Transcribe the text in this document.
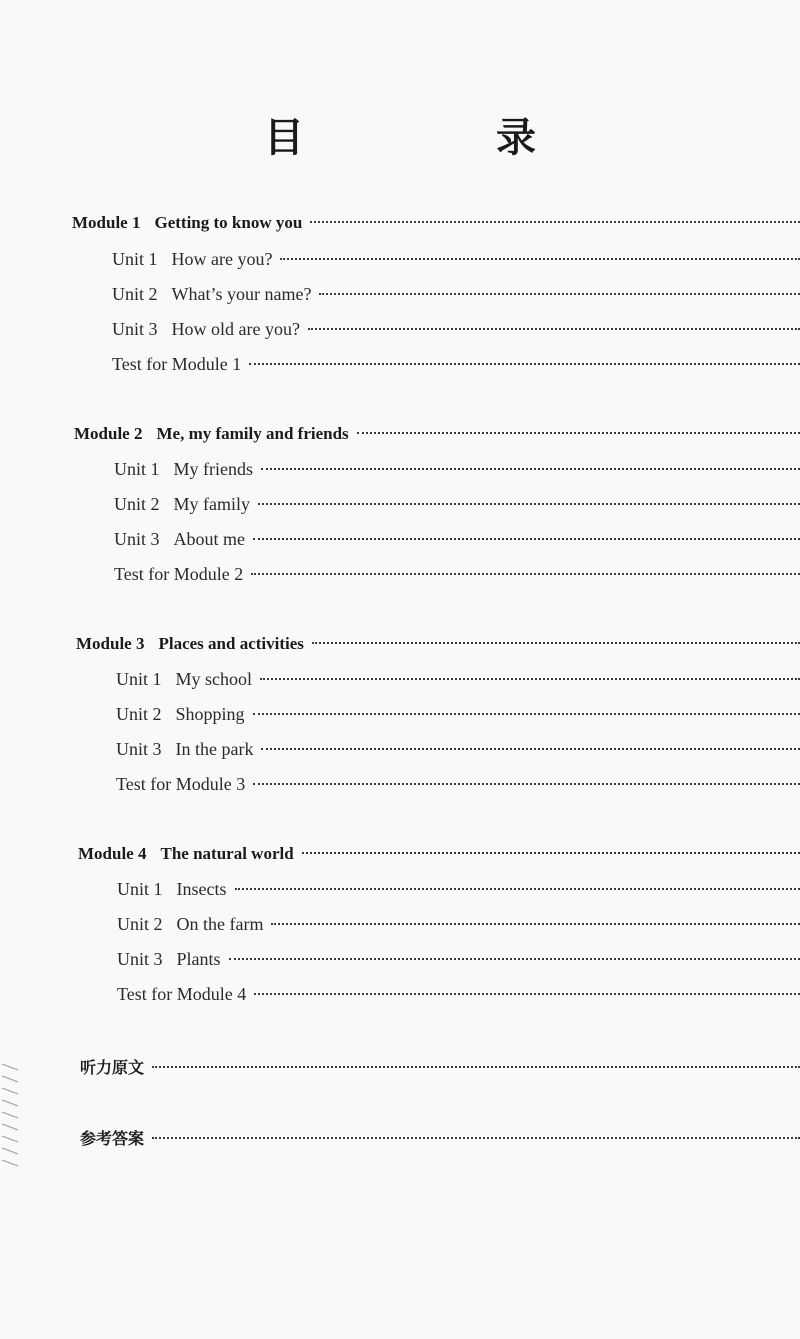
目　录
Module 1 Getting to know you
Unit 1 How are you?
Unit 2 What’s your name?
Unit 3 How old are you?
Test for Module 1
Module 2 Me, my family and friends
Unit 1 My friends
Unit 2 My family
Unit 3 About me
Test for Module 2
Module 3 Places and activities
Unit 1 My school
Unit 2 Shopping
Unit 3 In the park
Test for Module 3
Module 4 The natural world
Unit 1 Insects
Unit 2 On the farm
Unit 3 Plants
Test for Module 4
听力原文
参考答案
